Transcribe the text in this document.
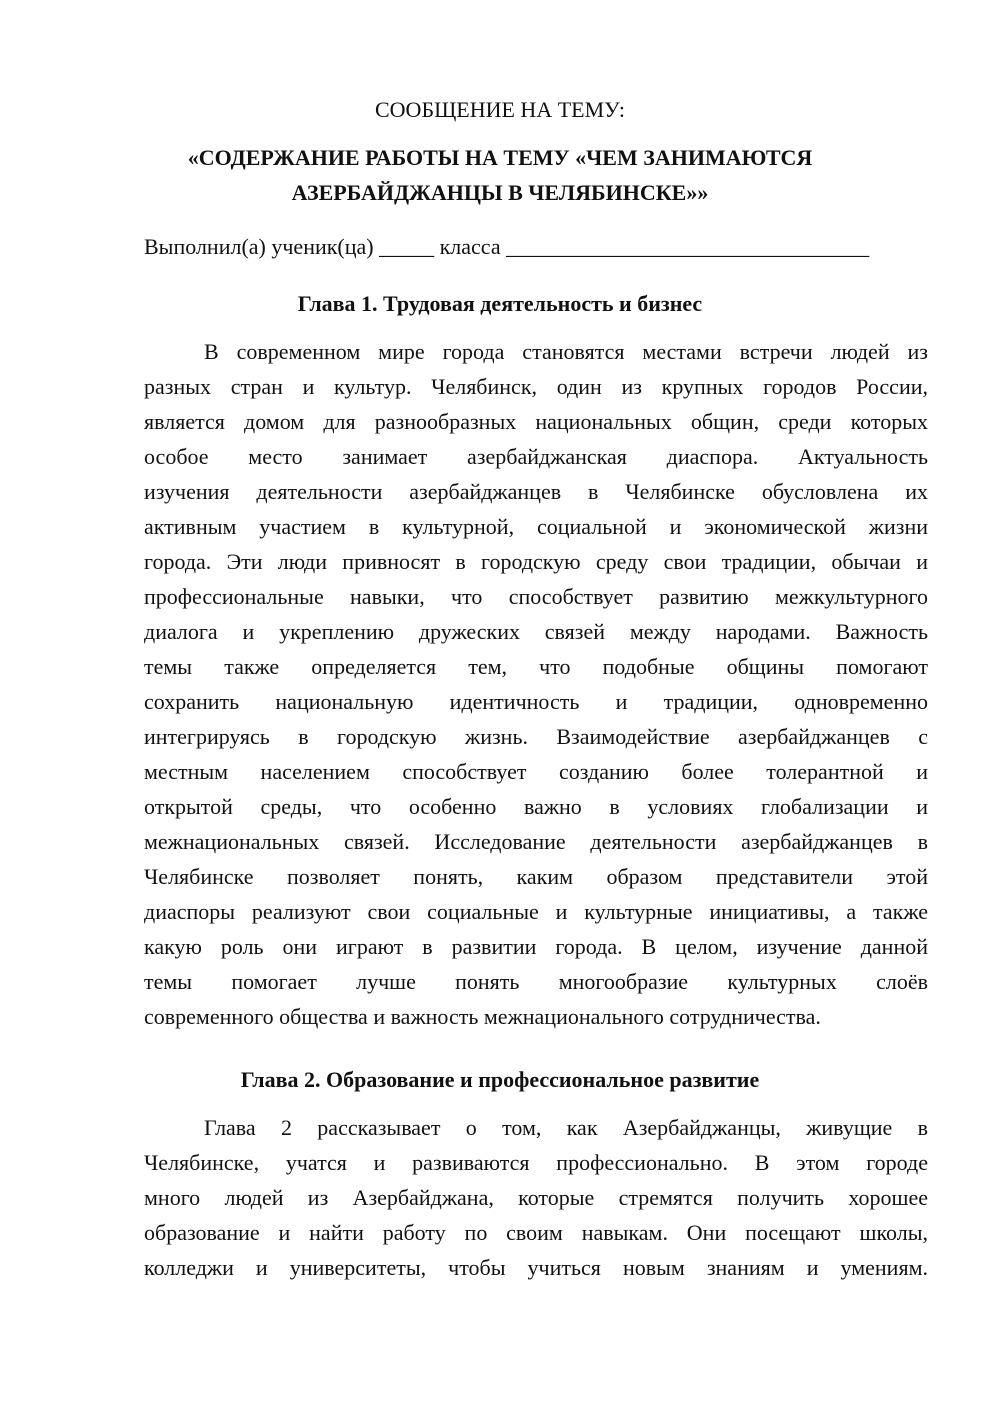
СООБЩЕНИЕ НА ТЕМУ:

«СОДЕРЖАНИЕ РАБОТЫ НА ТЕМУ «ЧЕМ ЗАНИМАЮТСЯ

АЗЕРБАЙДЖАНЦЫ В ЧЕЛЯБИНСКЕ»»

Выполнил(а) ученик(ца) _____ класса _________________________________

Глава 1. Трудовая деятельность и бизнес

В современном мире города становятся местами встречи людей из

разных стран и культур. Челябинск, один из крупных городов России,

является домом для разнообразных национальных общин, среди которых

особое место занимает азербайджанская диаспора. Актуальность

изучения деятельности азербайджанцев в Челябинске обусловлена их

активным участием в культурной, социальной и экономической жизни

города. Эти люди привносят в городскую среду свои традиции, обычаи и

профессиональные навыки, что способствует развитию межкультурного

диалога и укреплению дружеских связей между народами. Важность

темы также определяется тем, что подобные общины помогают

сохранить национальную идентичность и традиции, одновременно

интегрируясь в городскую жизнь. Взаимодействие азербайджанцев с

местным населением способствует созданию более толерантной и

открытой среды, что особенно важно в условиях глобализации и

межнациональных связей. Исследование деятельности азербайджанцев в

Челябинске позволяет понять, каким образом представители этой

диаспоры реализуют свои социальные и культурные инициативы, а также

какую роль они играют в развитии города. В целом, изучение данной

темы помогает лучше понять многообразие культурных слоёв

современного общества и важность межнационального сотрудничества.

Глава 2. Образование и профессиональное развитие

Глава 2 рассказывает о том, как Азербайджанцы, живущие в

Челябинске, учатся и развиваются профессионально. В этом городе

много людей из Азербайджана, которые стремятся получить хорошее

образование и найти работу по своим навыкам. Они посещают школы,

колледжи и университеты, чтобы учиться новым знаниям и умениям.
